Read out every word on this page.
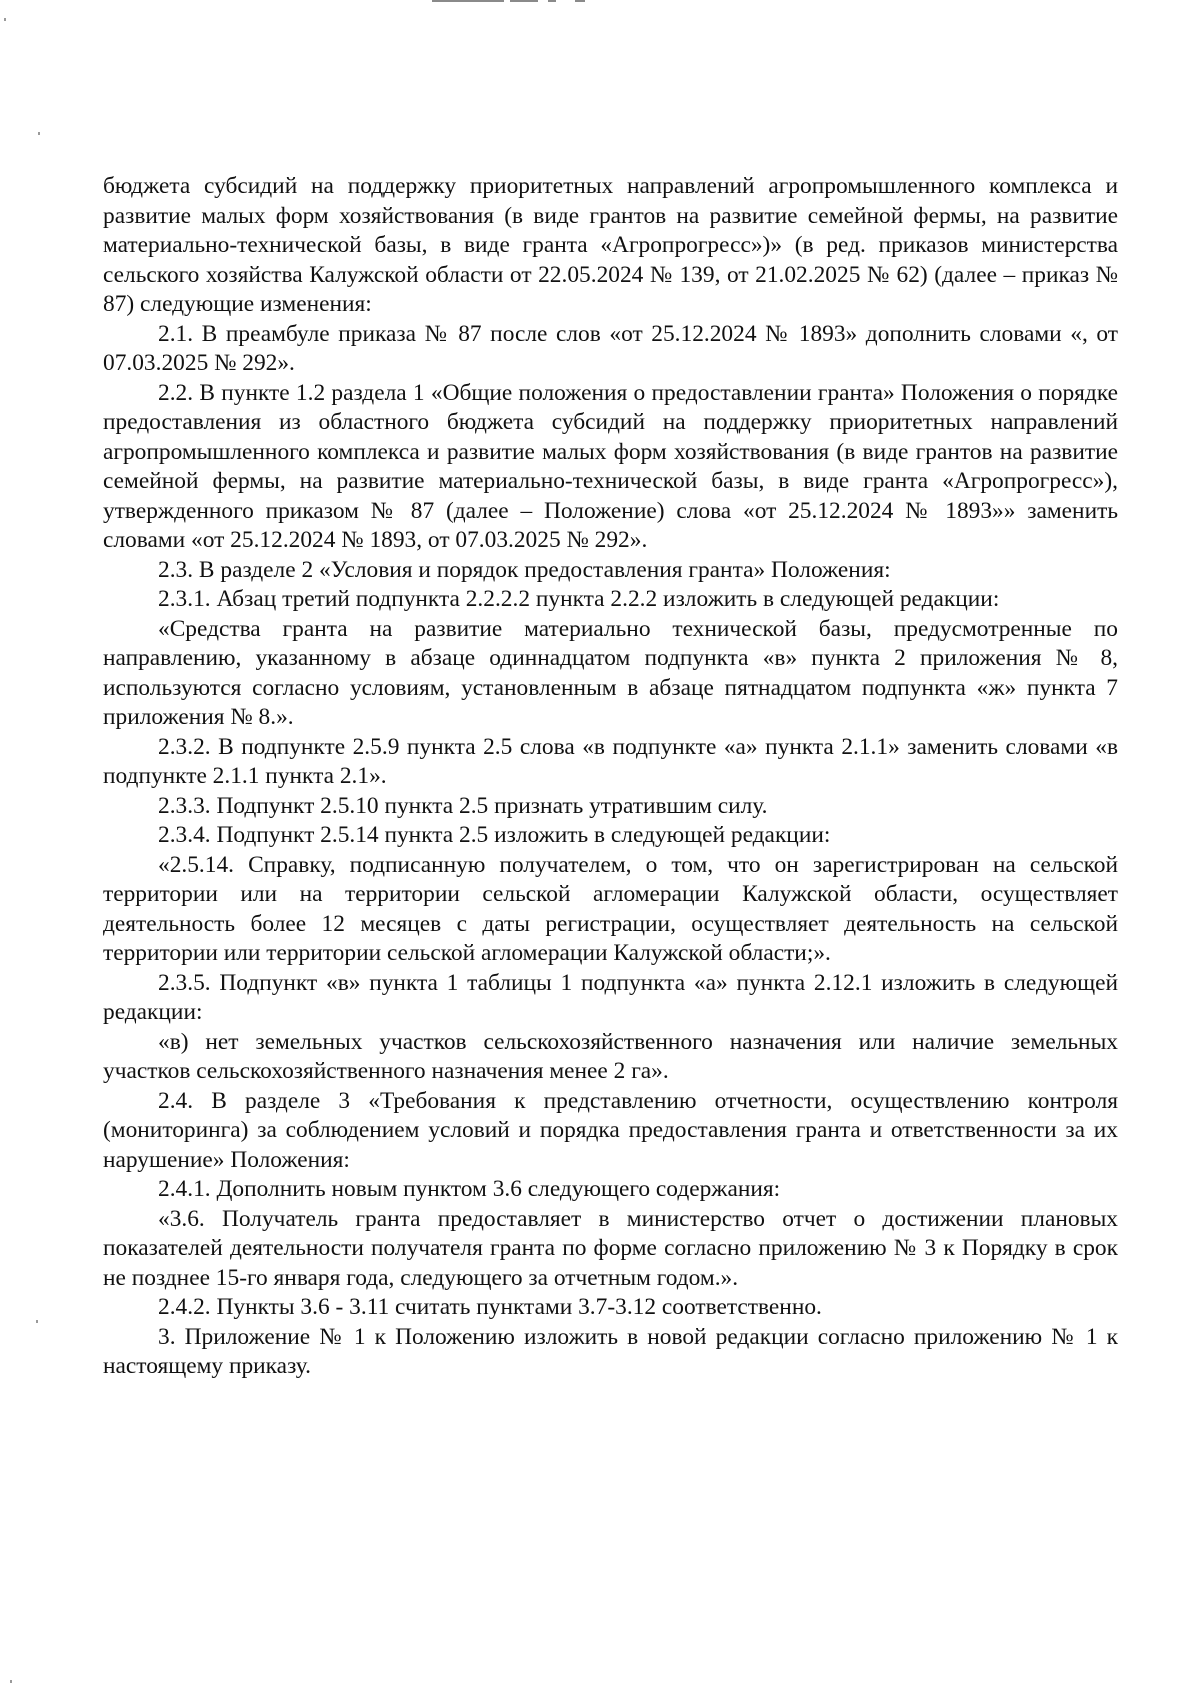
бюджета субсидий на поддержку приоритетных направлений агропромышленного комплекса и развитие малых форм хозяйствования (в виде грантов на развитие семейной фермы, на развитие материально-технической базы, в виде гранта «Агропрогресс»)» (в ред. приказов министерства сельского хозяйства Калужской области от 22.05.2024 № 139, от 21.02.2025 № 62) (далее – приказ № 87) следующие изменения:

2.1. В преамбуле приказа № 87 после слов «от 25.12.2024 № 1893» дополнить словами «, от 07.03.2025 № 292».

2.2. В пункте 1.2 раздела 1 «Общие положения о предоставлении гранта» Положения о порядке предоставления из областного бюджета субсидий на поддержку приоритетных направлений агропромышленного комплекса и развитие малых форм хозяйствования (в виде грантов на развитие семейной фермы, на развитие материально-технической базы, в виде гранта «Агропрогресс»), утвержденного приказом № 87 (далее – Положение) слова «от 25.12.2024 № 1893»» заменить словами «от 25.12.2024 № 1893, от 07.03.2025 № 292».

2.3. В разделе 2 «Условия и порядок предоставления гранта» Положения:

2.3.1. Абзац третий подпункта 2.2.2.2 пункта 2.2.2 изложить в следующей редакции:

«Средства гранта на развитие материально технической базы, предусмотренные по направлению, указанному в абзаце одиннадцатом подпункта «в» пункта 2 приложения № 8, используются согласно условиям, установленным в абзаце пятнадцатом подпункта «ж» пункта 7 приложения № 8.».

2.3.2. В подпункте 2.5.9 пункта 2.5 слова «в подпункте «а» пункта 2.1.1» заменить словами «в подпункте 2.1.1 пункта 2.1».

2.3.3. Подпункт 2.5.10 пункта 2.5 признать утратившим силу.

2.3.4. Подпункт 2.5.14 пункта 2.5 изложить в следующей редакции:

«2.5.14. Справку, подписанную получателем, о том, что он зарегистрирован на сельской территории или на территории сельской агломерации Калужской области, осуществляет деятельность более 12 месяцев с даты регистрации, осуществляет деятельность на сельской территории или территории сельской агломерации Калужской области;».

2.3.5. Подпункт «в» пункта 1 таблицы 1 подпункта «а» пункта 2.12.1 изложить в следующей редакции:

«в) нет земельных участков сельскохозяйственного назначения или наличие земельных участков сельскохозяйственного назначения менее 2 га».

2.4. В разделе 3 «Требования к представлению отчетности, осуществлению контроля (мониторинга) за соблюдением условий и порядка предоставления гранта и ответственности за их нарушение» Положения:

2.4.1. Дополнить новым пунктом 3.6 следующего содержания:

«3.6. Получатель гранта предоставляет в министерство отчет о достижении плановых показателей деятельности получателя гранта по форме согласно приложению № 3 к Порядку в срок не позднее 15-го января года, следующего за отчетным годом.».

2.4.2. Пункты 3.6 - 3.11 считать пунктами 3.7-3.12 соответственно.

3. Приложение № 1 к Положению изложить в новой редакции согласно приложению № 1 к настоящему приказу.
